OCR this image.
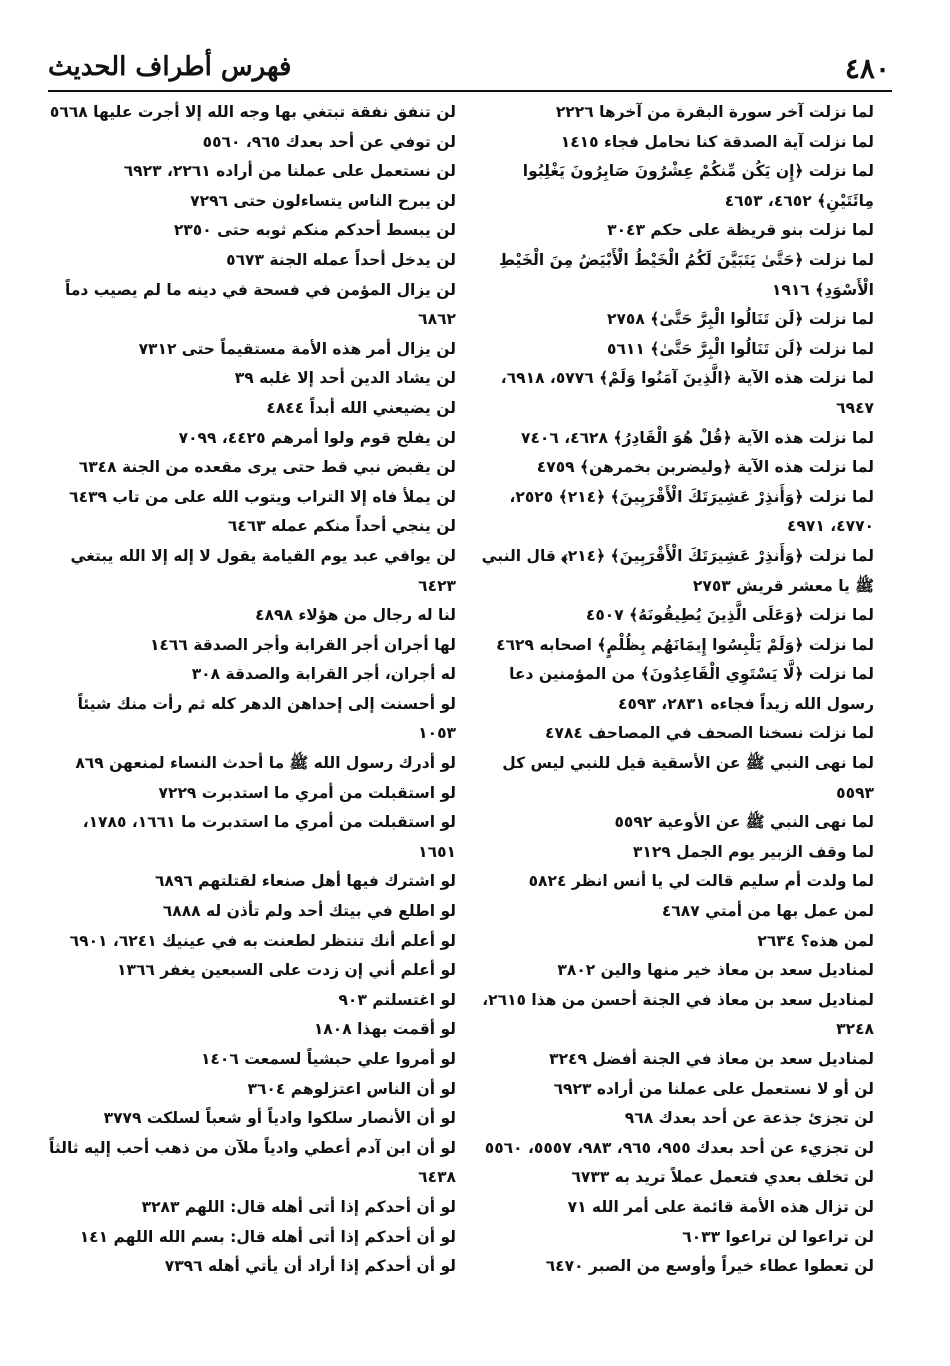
٤٨٠
فهرس أطراف الحديث
لما نزلت آخر سورة البقرة من آخرها ٢٢٢٦
لما نزلت آية الصدقة كنا نحامل فجاء ١٤١٥
لما نزلت ﴿إِن يَكُن مِّنكُمْ عِشْرُونَ صَابِرُونَ يَغْلِبُوا مِائَتَيْنِ﴾ ٤٦٥٢، ٤٦٥٣
لما نزلت بنو قريظة على حكم ٣٠٤٣
لما نزلت ﴿حَتَّىٰ يَتَبَيَّنَ لَكُمُ الْخَيْطُ الْأَبْيَضُ مِنَ الْخَيْطِ الْأَسْوَدِ﴾ ١٩١٦
لما نزلت ﴿لَن تَنَالُوا الْبِرَّ حَتَّىٰ﴾ ٢٧٥٨
لما نزلت ﴿لَن تَنَالُوا الْبِرَّ حَتَّىٰ﴾ ٥٦١١
لما نزلت هذه الآية ﴿الَّذِينَ آمَنُوا وَلَمْ﴾ ٥٧٧٦، ٦٩١٨، ٦٩٤٧
لما نزلت هذه الآية ﴿قُلْ هُوَ الْقَادِرُ﴾ ٤٦٢٨، ٧٤٠٦
لما نزلت هذه الآية ﴿وليضربن بخمرهن﴾ ٤٧٥٩
لما نزلت ﴿وَأَنذِرْ عَشِيرَتَكَ الْأَقْرَبِينَ﴾ ﴿٢١٤﴾ ٢٥٢٥، ٤٧٧٠، ٤٩٧١
لما نزلت ﴿وَأَنذِرْ عَشِيرَتَكَ الْأَقْرَبِينَ﴾ ﴿٢١٤﴾ قال النبي ﷺ يا معشر قريش ٢٧٥٣
لما نزلت ﴿وَعَلَى الَّذِينَ يُطِيقُونَهُ﴾ ٤٥٠٧
لما نزلت ﴿وَلَمْ يَلْبِسُوا إِيمَانَهُم بِظُلْمٍ﴾ اصحابه ٤٦٢٩
لما نزلت ﴿لَّا يَسْتَوِي الْقَاعِدُونَ﴾ من المؤمنين دعا رسول الله زيداً فجاءه ٢٨٣١، ٤٥٩٣
لما نزلت نسخنا الصحف في المصاحف ٤٧٨٤
لما نهى النبي ﷺ عن الأسقية قيل للنبي ليس كل ٥٥٩٣
لما نهى النبي ﷺ عن الأوعية ٥٥٩٢
لما وقف الزبير يوم الجمل ٣١٢٩
لما ولدت أم سليم قالت لي يا أنس انظر ٥٨٢٤
لمن عمل بها من أمتي ٤٦٨٧
لمن هذه؟ ٢٦٣٤
لمناديل سعد بن معاذ خير منها والين ٣٨٠٢
لمناديل سعد بن معاذ في الجنة أحسن من هذا ٢٦١٥، ٣٢٤٨
لمناديل سعد بن معاذ في الجنة أفضل ٣٢٤٩
لن أو لا نستعمل على عملنا من أراده ٦٩٢٣
لن تجزئ جذعة عن أحد بعدك ٩٦٨
لن تجزيء عن أحد بعدك ٩٥٥، ٩٦٥، ٩٨٣، ٥٥٥٧، ٥٥٦٠
لن تخلف بعدي فتعمل عملاً تريد به ٦٧٣٣
لن تزال هذه الأمة قائمة على أمر الله ٧١
لن تراعوا لن تراعوا ٦٠٣٣
لن تعطوا عطاء خيراً وأوسع من الصبر ٦٤٧٠
لن تنفق نفقة تبتغي بها وجه الله إلا أجرت عليها ٥٦٦٨
لن توفي عن أحد بعدك ٩٦٥، ٥٥٦٠
لن نستعمل على عملنا من أراده ٢٢٦١، ٦٩٢٣
لن يبرح الناس يتساءلون حتى ٧٢٩٦
لن يبسط أحدكم منكم ثوبه حتى ٢٣٥٠
لن يدخل أحداً عمله الجنة ٥٦٧٣
لن يزال المؤمن في فسحة في دينه ما لم يصيب دماً ٦٨٦٢
لن يزال أمر هذه الأمة مستقيماً حتى ٧٣١٢
لن يشاد الدين أحد إلا غلبه ٣٩
لن يضيعني الله أبداً ٤٨٤٤
لن يفلح قوم ولوا أمرهم ٤٤٢٥، ٧٠٩٩
لن يقبض نبي قط حتى يرى مقعده من الجنة ٦٣٤٨
لن يملأ فاه إلا التراب ويتوب الله على من تاب ٦٤٣٩
لن ينجي أحداً منكم عمله ٦٤٦٣
لن يوافي عبد يوم القيامة يقول لا إله إلا الله يبتغي ٦٤٢٣
لنا له رجال من هؤلاء ٤٨٩٨
لها أجران أجر القرابة وأجر الصدقة ١٤٦٦
له أجران، أجر القرابة والصدقة ٣٠٨
لو أحسنت إلى إحداهن الدهر كله ثم رأت منك شيئاً ١٠٥٣
لو أدرك رسول الله ﷺ ما أحدث النساء لمنعهن ٨٦٩
لو استقبلت من أمري ما استدبرت ٧٢٢٩
لو استقبلت من أمري ما استدبرت ما ١٦٦١، ١٧٨٥، ١٦٥١
لو اشترك فيها أهل صنعاء لقتلتهم ٦٨٩٦
لو اطلع في بيتك أحد ولم تأذن له ٦٨٨٨
لو أعلم أنك تنتظر لطعنت به في عينيك ٦٢٤١، ٦٩٠١
لو أعلم أني إن زدت على السبعين يغفر ١٣٦٦
لو اغتسلتم ٩٠٣
لو أقمت بهذا ١٨٠٨
لو أمروا علي حبشياً لسمعت ١٤٠٦
لو أن الناس اعتزلوهم ٣٦٠٤
لو أن الأنصار سلكوا وادياً أو شعباً لسلكت ٣٧٧٩
لو أن ابن آدم أعطي وادياً ملآن من ذهب أحب إليه ثالثاً ٦٤٣٨
لو أن أحدكم إذا أتى أهله قال: اللهم ٣٢٨٣
لو أن أحدكم إذا أتى أهله قال: بسم الله اللهم ١٤١
لو أن أحدكم إذا أراد أن يأتي أهله ٧٣٩٦
